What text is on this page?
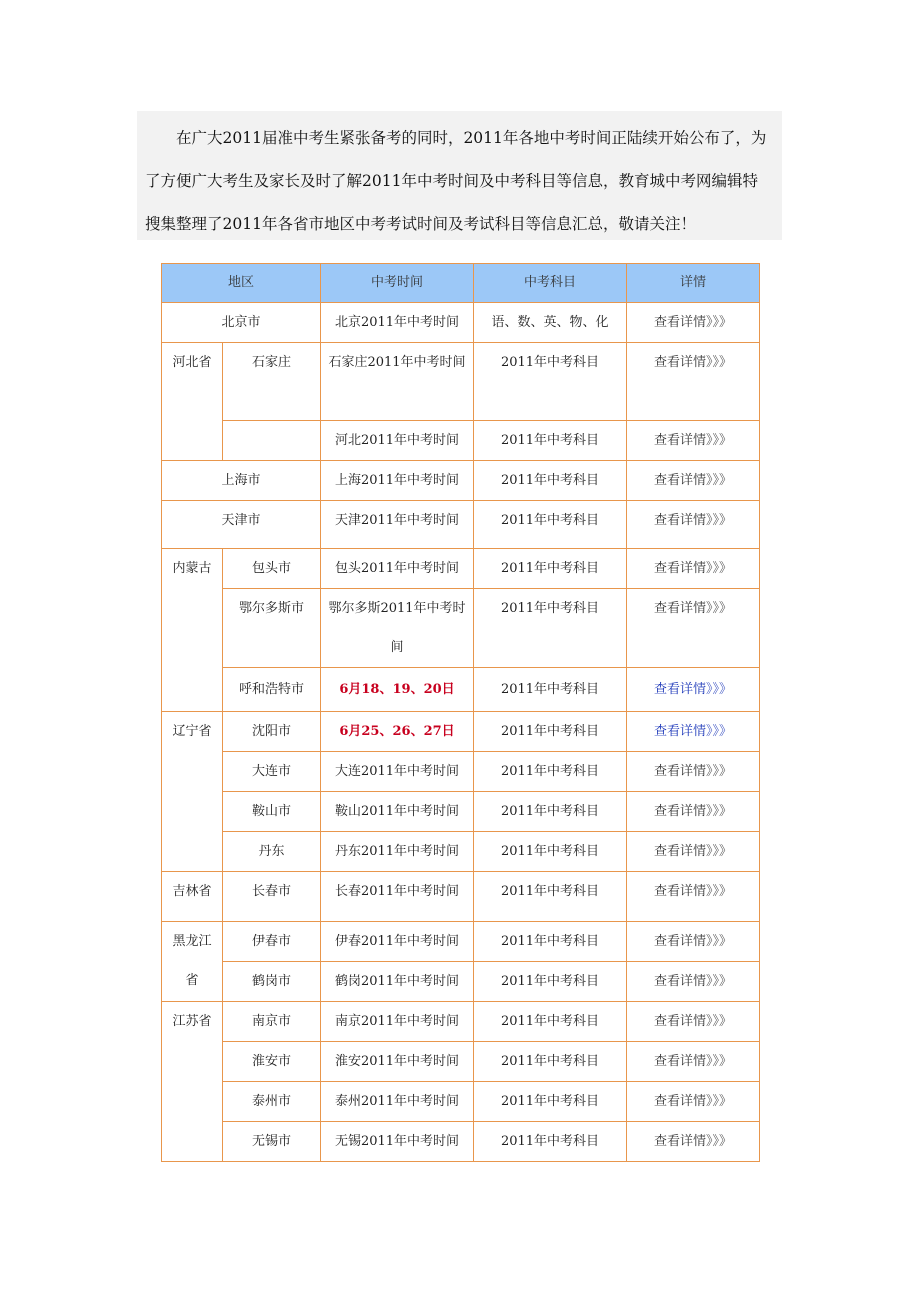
在广大2011届准中考生紧张备考的同时，2011年各地中考时间正陆续开始公布了，为了方便广大考生及家长及时了解2011年中考时间及中考科目等信息，教育城中考网编辑特搜集整理了2011年各省市地区中考考试时间及考试科目等信息汇总，敬请关注！
地区		中考时间	中考科目	详情
北京市		北京2011年中考时间	语、数、英、物、化	查看详情》》》
河北省	石家庄	石家庄2011年中考时间	2011年中考科目	查看详情》》》
		河北2011年中考时间	2011年中考科目	查看详情》》》
上海市		上海2011年中考时间	2011年中考科目	查看详情》》》
天津市		天津2011年中考时间	2011年中考科目	查看详情》》》
内蒙古	包头市	包头2011年中考时间	2011年中考科目	查看详情》》》
	鄂尔多斯市	鄂尔多斯2011年中考时间	2011年中考科目	查看详情》》》
	呼和浩特市	6月18、19、20日	2011年中考科目	查看详情》》》
辽宁省	沈阳市	6月25、26、27日	2011年中考科目	查看详情》》》
	大连市	大连2011年中考时间	2011年中考科目	查看详情》》》
	鞍山市	鞍山2011年中考时间	2011年中考科目	查看详情》》》
	丹东	丹东2011年中考时间	2011年中考科目	查看详情》》》
吉林省	长春市	长春2011年中考时间	2011年中考科目	查看详情》》》
黑龙江省	伊春市	伊春2011年中考时间	2011年中考科目	查看详情》》》
	鹤岗市	鹤岗2011年中考时间	2011年中考科目	查看详情》》》
江苏省	南京市	南京2011年中考时间	2011年中考科目	查看详情》》》
	淮安市	淮安2011年中考时间	2011年中考科目	查看详情》》》
	泰州市	泰州2011年中考时间	2011年中考科目	查看详情》》》
	无锡市	无锡2011年中考时间	2011年中考科目	查看详情》》》
